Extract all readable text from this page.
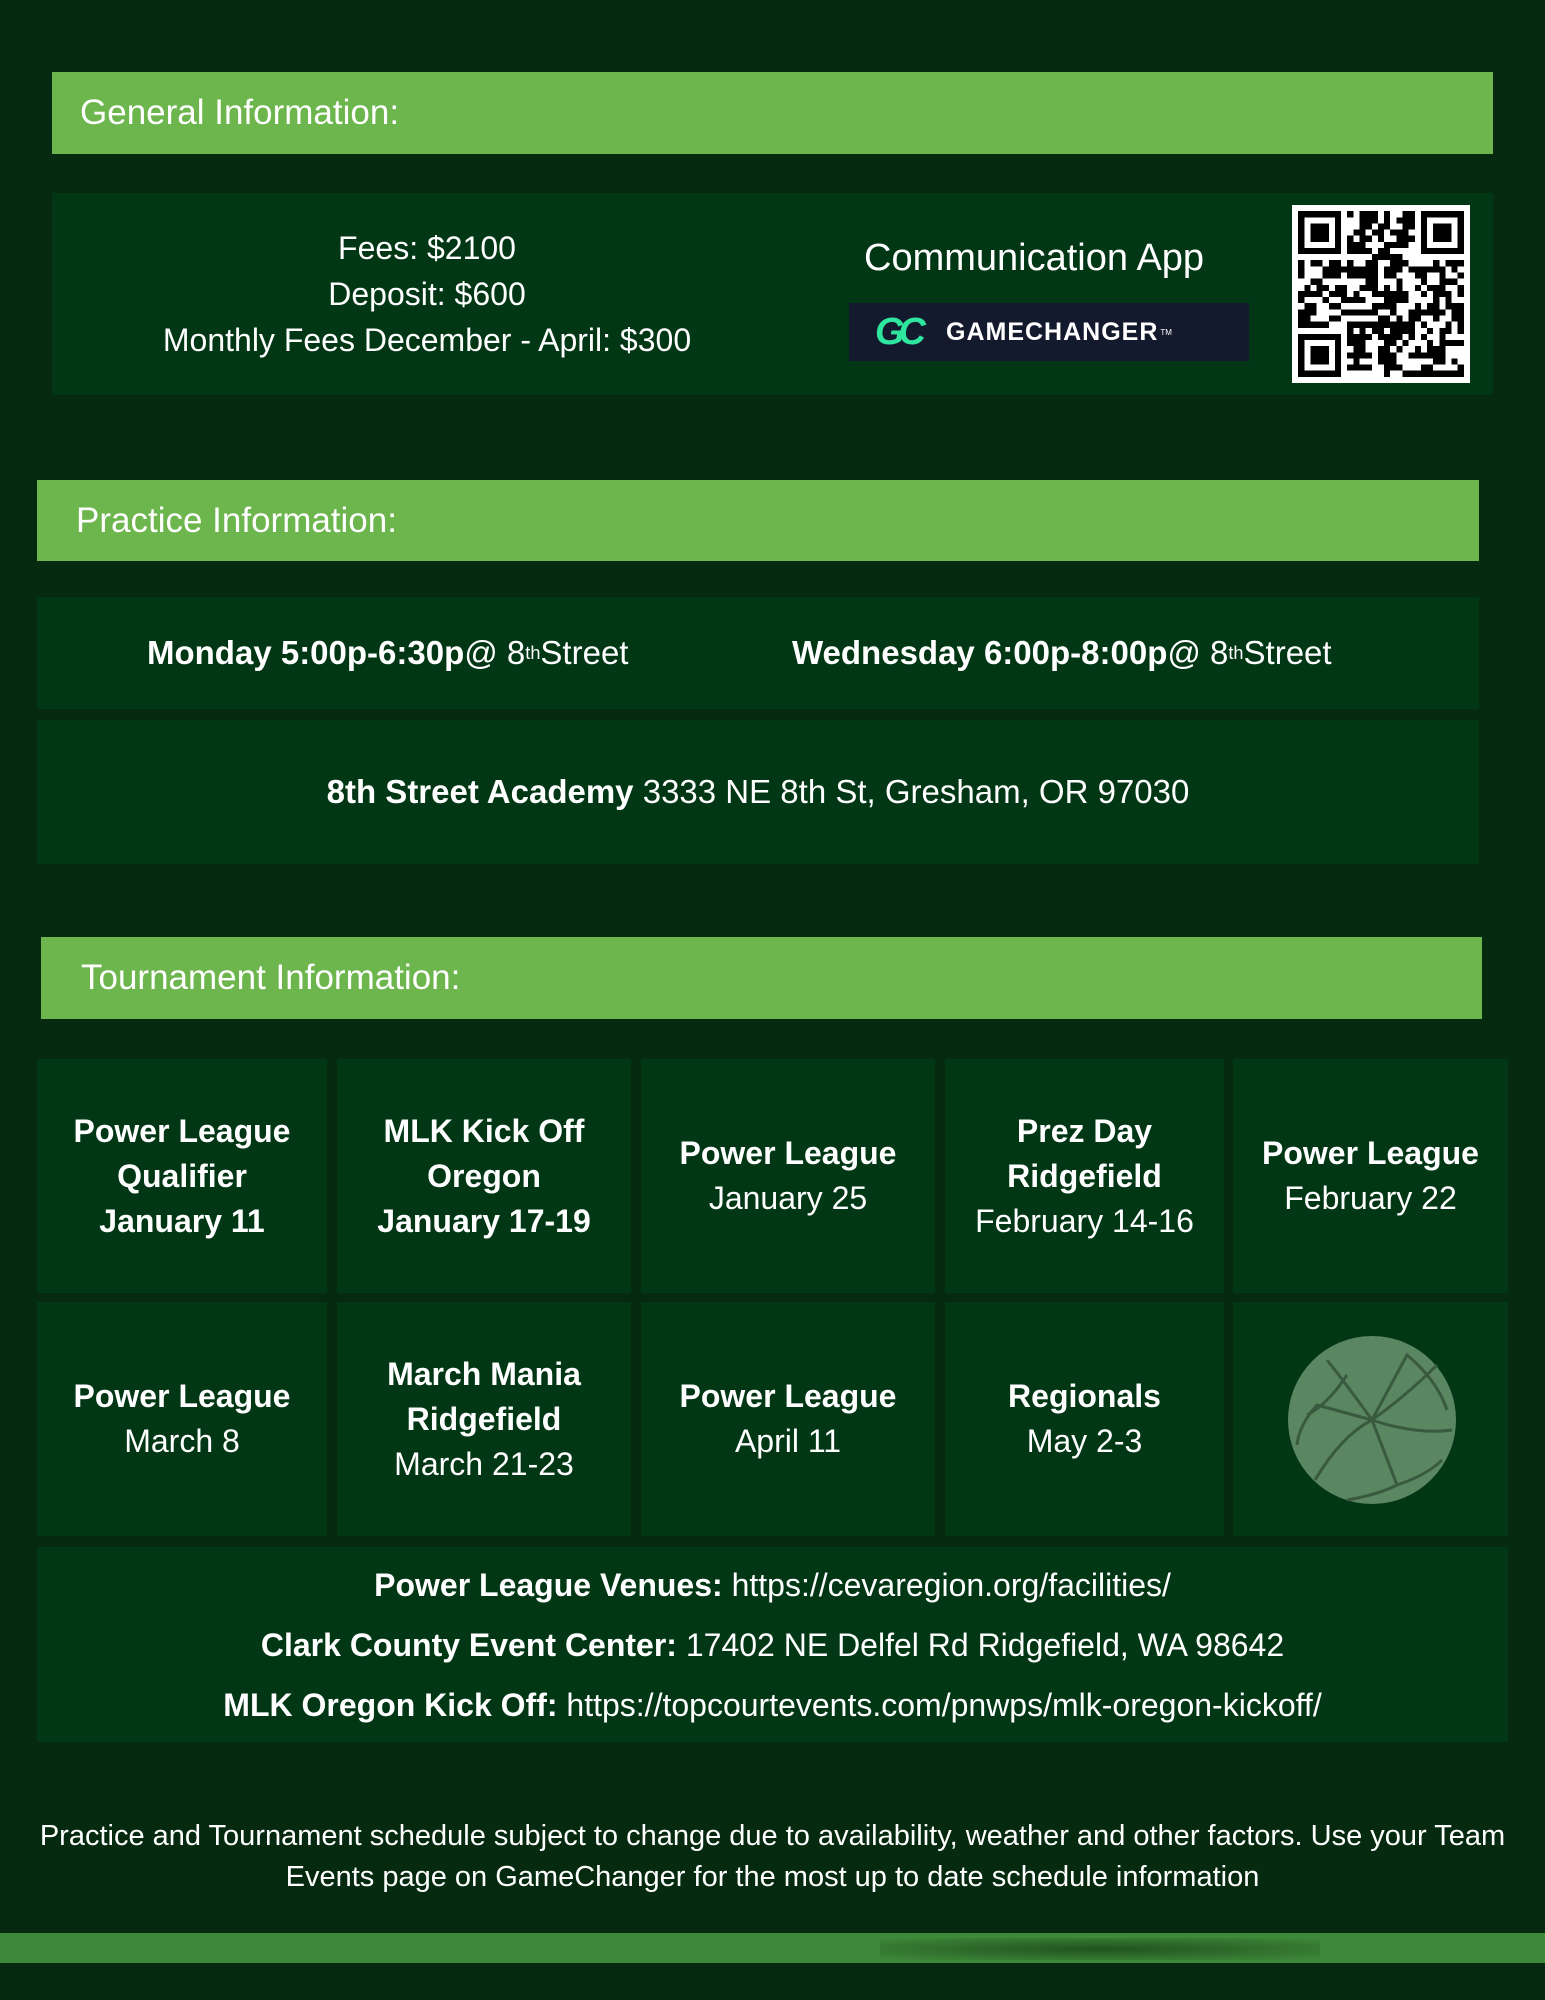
General Information:
Fees: $2100
Deposit: $600
Monthly Fees December - April: $300
Communication App
GC GAMECHANGER TM
Practice Information:
Monday 5:00p-6:30p @ 8 th Street	Wednesday 6:00p-8:00p @ 8 th Street
8th Street Academy 3333 NE 8th St, Gresham, OR 97030
Tournament Information:
Power League
Qualifier
January 11
MLK Kick Off
Oregon
January 17-19
Power League
January 25
Prez Day
Ridgefield
February 14-16
Power League
February 22
Power League
March 8
March Mania
Ridgefield
March 21-23
Power League
April 11
Regionals
May 2-3
Power League Venues: https://cevaregion.org/facilities/
Clark County Event Center: 17402 NE Delfel Rd Ridgefield, WA 98642
MLK Oregon Kick Off: https://topcourtevents.com/pnwps/mlk-oregon-kickoff/
Practice and Tournament schedule subject to change due to availability, weather and other factors. Use your Team Events page on GameChanger for the most up to date schedule information
